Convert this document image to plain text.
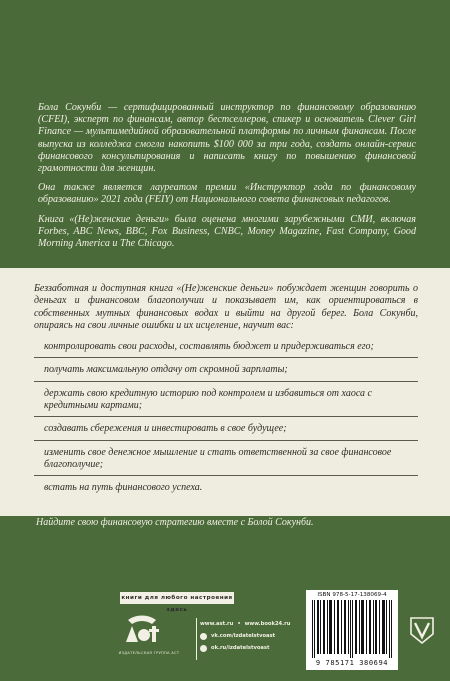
Бола Сокунби — сертифицированный инструктор по финансовому образованию (CFEI), эксперт по финансам, автор бестселлеров, спикер и основатель Clever Girl Finance — мультимедийной образовательной платформы по личным финансам. После выпуска из колледжа смогла накопить $100 000 за три года, создать онлайн-сервис финансового консультирования и написать книгу по повышению финансовой грамотности для женщин.

Она также является лауреатом премии «Инструктор года по финансовому образованию» 2021 года (FEIY) от Национального совета финансовых педагогов.

Книга «(Не)женские деньги» была оценена многими зарубежными СМИ, включая Forbes, ABC News, BBC, Fox Business, CNBC, Money Magazine, Fast Company, Good Morning America и The Chicago.

Беззаботная и доступная книга «(Не)женские деньги» побуждает женщин говорить о деньгах и финансовом благополучии и показывает им, как ориентироваться в собственных мутных финансовых водах и выйти на другой берег. Бола Сокунби, опираясь на свои личные ошибки и их исцеление, научит вас:

контролировать свои расходы, составлять бюджет и придерживаться его;
получать максимальную отдачу от скромной зарплаты;
держать свою кредитную историю под контролем и избавиться от хаоса с кредитными картами;
создавать сбережения и инвестировать в свое будущее;
изменить свое денежное мышление и стать ответственной за свое финансовое благополучие;
встать на путь финансового успеха.

Найдите свою финансовую стратегию вместе с Болой Сокунби.

книги для любого настроения здесь
ИЗДАТЕЛЬСКАЯ ГРУППА АСТ
www.ast.ru • www.book24.ru
vk.com/izdatelstvoast
ok.ru/izdatelstvoast
ISBN 978-5-17-138069-4
9 785171 380694
